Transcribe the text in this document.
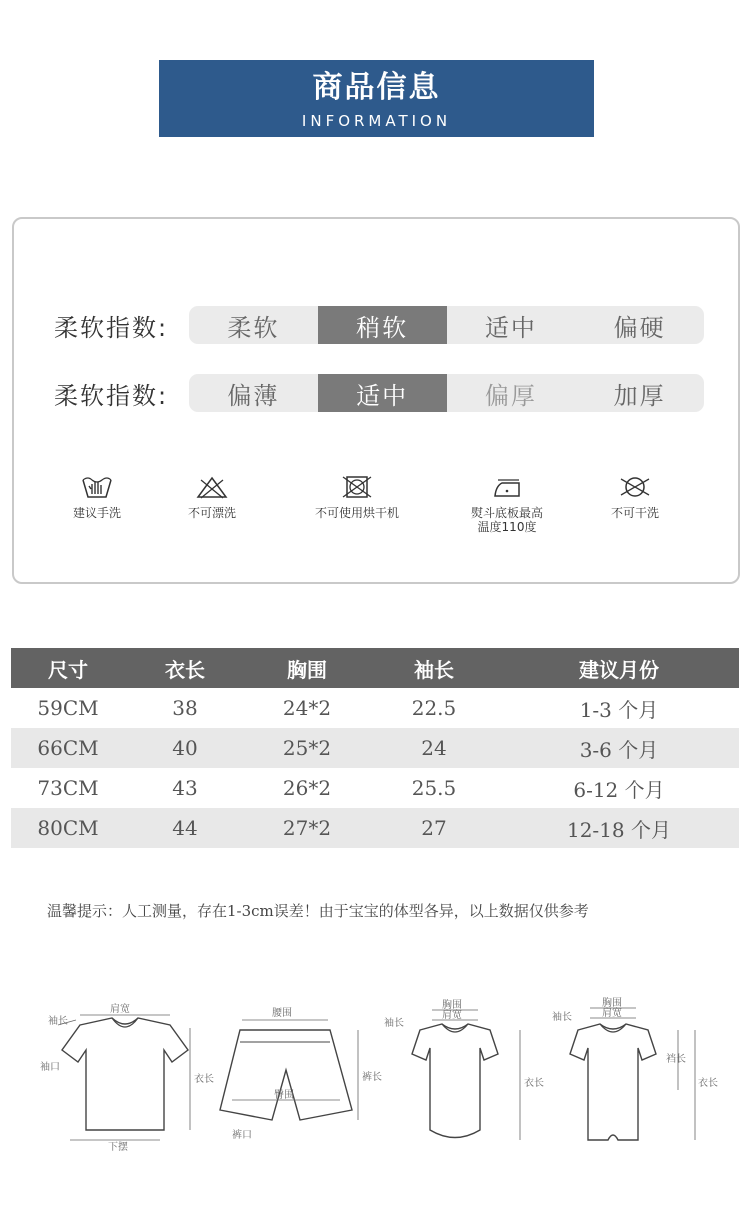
商品信息
INFORMATION
柔软指数:	柔软	稍软	适中	偏硬
柔软指数:	偏薄	适中	偏厚	加厚
建议手洗	不可漂洗	不可使用烘干机	熨斗底板最高
温度110度
不可干洗
尺寸	衣长	胸围	袖长	建议月份
59CM	38	24*2	22.5	1-3 个月
66CM	40	25*2	24	3-6 个月
73CM	43	26*2	25.5	6-12 个月
80CM	44	27*2	27	12-18 个月
温馨提示：人工测量，存在1-3cm误差！由于宝宝的体型各异，以上数据仅供参考
肩宽
袖长
袖口
衣长
下摆
腰围
裤长
臀围
裤口
胸围
肩宽
袖长
衣长
胸围
肩宽
袖长
裆长
衣长
